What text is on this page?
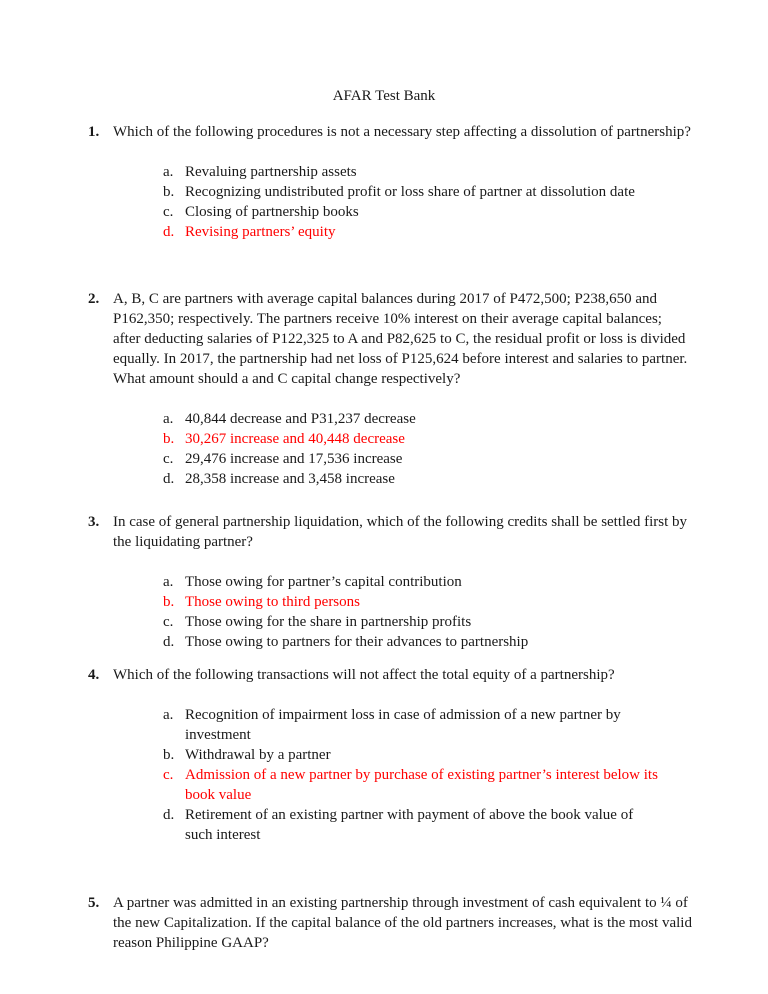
AFAR Test Bank
1. Which of the following procedures is not a necessary step affecting a dissolution of partnership?

a. Revaluing partnership assets
b. Recognizing undistributed profit or loss share of partner at dissolution date
c. Closing of partnership books
d. Revising partners’ equity
2. A, B, C are partners with average capital balances during 2017 of P472,500; P238,650 and P162,350; respectively. The partners receive 10% interest on their average capital balances; after deducting salaries of P122,325 to A and P82,625 to C, the residual profit or loss is divided equally. In 2017, the partnership had net loss of P125,624 before interest and salaries to partner.

What amount should a and C capital change respectively?

a. 40,844 decrease and P31,237 decrease
b. 30,267 increase and 40,448 decrease
c. 29,476 increase and 17,536 increase
d. 28,358 increase and 3,458 increase
3. In case of general partnership liquidation, which of the following credits shall be settled first by the liquidating partner?

a. Those owing for partner’s capital contribution
b. Those owing to third persons
c. Those owing for the share in partnership profits
d. Those owing to partners for their advances to partnership
4. Which of the following transactions will not affect the total equity of a partnership?

a. Recognition of impairment loss in case of admission of a new partner by investment
b. Withdrawal by a partner
c. Admission of a new partner by purchase of existing partner’s interest below its book value
d. Retirement of an existing partner with payment of above the book value of such interest
5. A partner was admitted in an existing partnership through investment of cash equivalent to ¼ of the new Capitalization. If the capital balance of the old partners increases, what is the most valid reason Philippine GAAP?
